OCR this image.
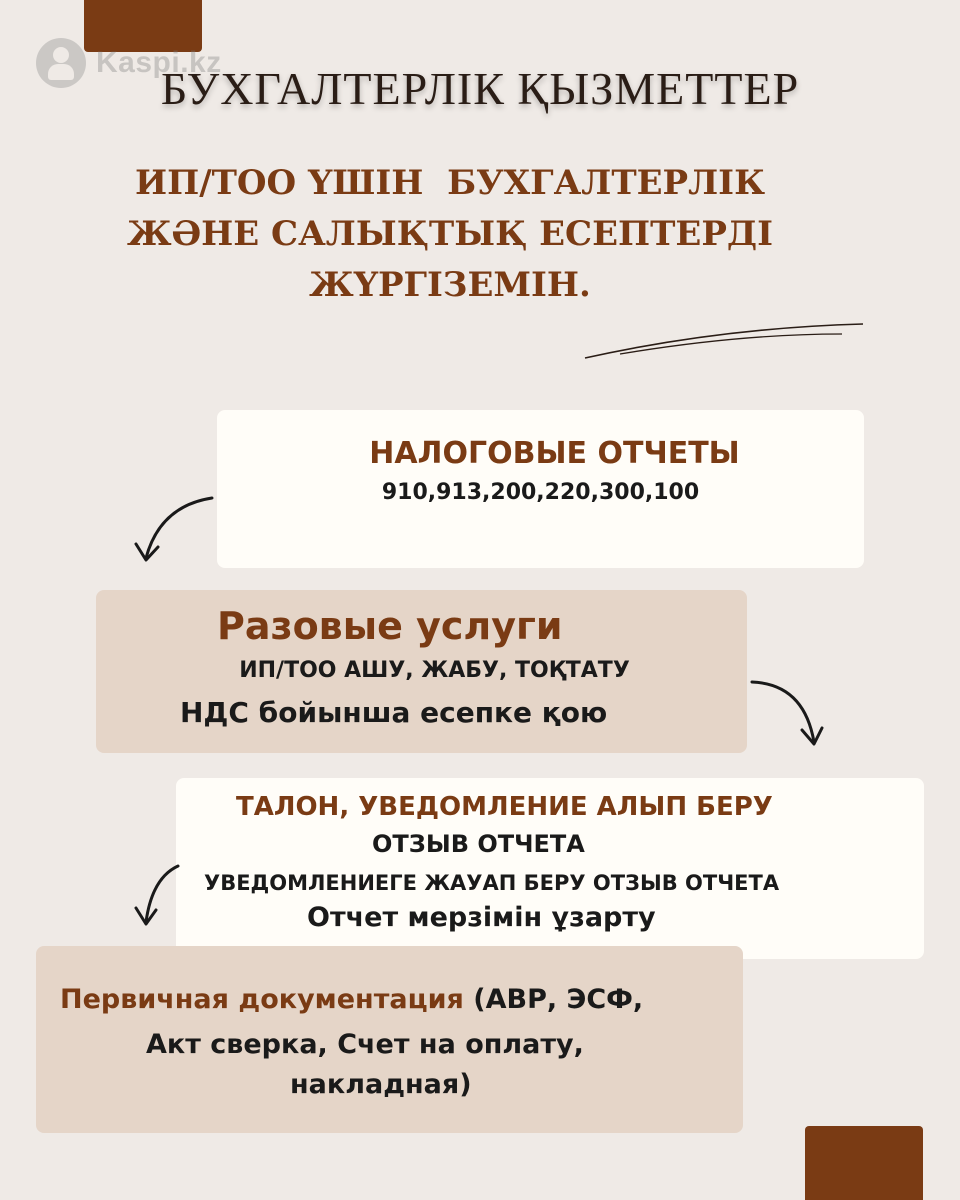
Kaspi.kz
БУХГАЛТЕРЛІК ҚЫЗМЕТТЕР
ИП/ТОО ҮШІН  БУХГАЛТЕРЛІК
ЖӘНЕ САЛЫҚТЫҚ ЕСЕПТЕРДІ
ЖҮРГІЗЕМІН.
НАЛОГОВЫЕ ОТЧЕТЫ
910,913,200,220,300,100
Разовые услуги
ИП/ТОО АШУ, ЖАБУ, ТОҚТАТУ
НДС бойынша есепке қою
ТАЛОН, УВЕДОМЛЕНИЕ АЛЫП БЕРУ
ОТЗЫВ ОТЧЕТА
УВЕДОМЛЕНИЕГЕ ЖАУАП БЕРУ ОТЗЫВ ОТЧЕТА
Отчет мерзімін ұзарту
Первичная документация (АВР, ЭСФ,
Акт сверка, Счет на оплату,
накладная)
